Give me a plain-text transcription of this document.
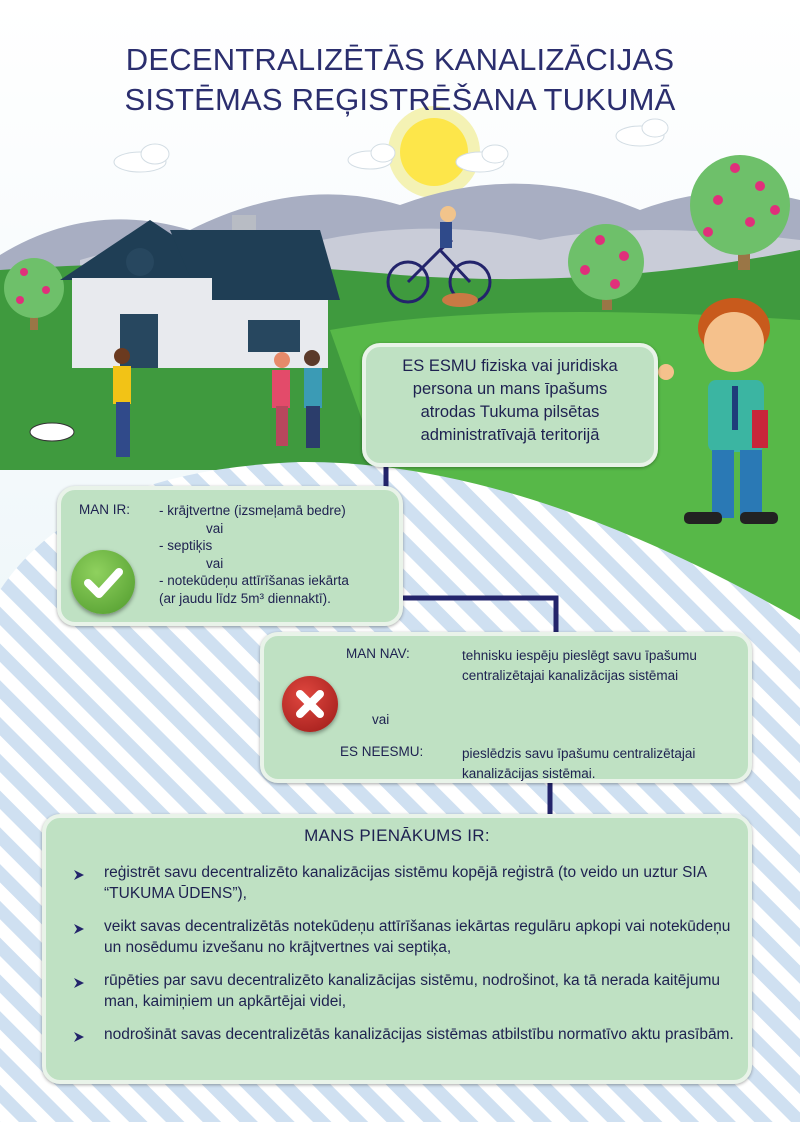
DECENTRALIZĒTĀS KANALIZĀCIJAS
SISTĒMAS REĢISTRĒŠANA TUKUMĀ
ES ESMU fiziska vai juridiska
persona un mans īpašums
atrodas Tukuma pilsētas
administratīvajā teritorijā
MAN IR: - krājtvertne (izsmeļamā bedre)
vai
- septiķis
vai
- notekūdeņu attīrīšanas iekārta
(ar jaudu līdz 5m³ diennaktī).
MAN NAV:	tehnisku iespēju pieslēgt savu īpašumu centralizētajai kanalizācijas sistēmai
vai
ES NEESMU:	pieslēdzis savu īpašumu centralizētajai kanalizācijas sistēmai.
MANS PIENĀKUMS IR:
reģistrēt savu decentralizēto kanalizācijas sistēmu kopējā reģistrā (to veido un uztur SIA “TUKUMA ŪDENS”),
veikt savas decentralizētās notekūdeņu attīrīšanas iekārtas regulāru apkopi vai notekūdeņu un nosēdumu izvešanu no krājtvertnes vai septiķa,
rūpēties par savu decentralizēto kanalizācijas sistēmu, nodrošinot, ka tā nerada kaitējumu man, kaimiņiem un apkārtējai videi,
nodrošināt savas decentralizētās kanalizācijas sistēmas atbilstību normatīvo aktu prasībām.
